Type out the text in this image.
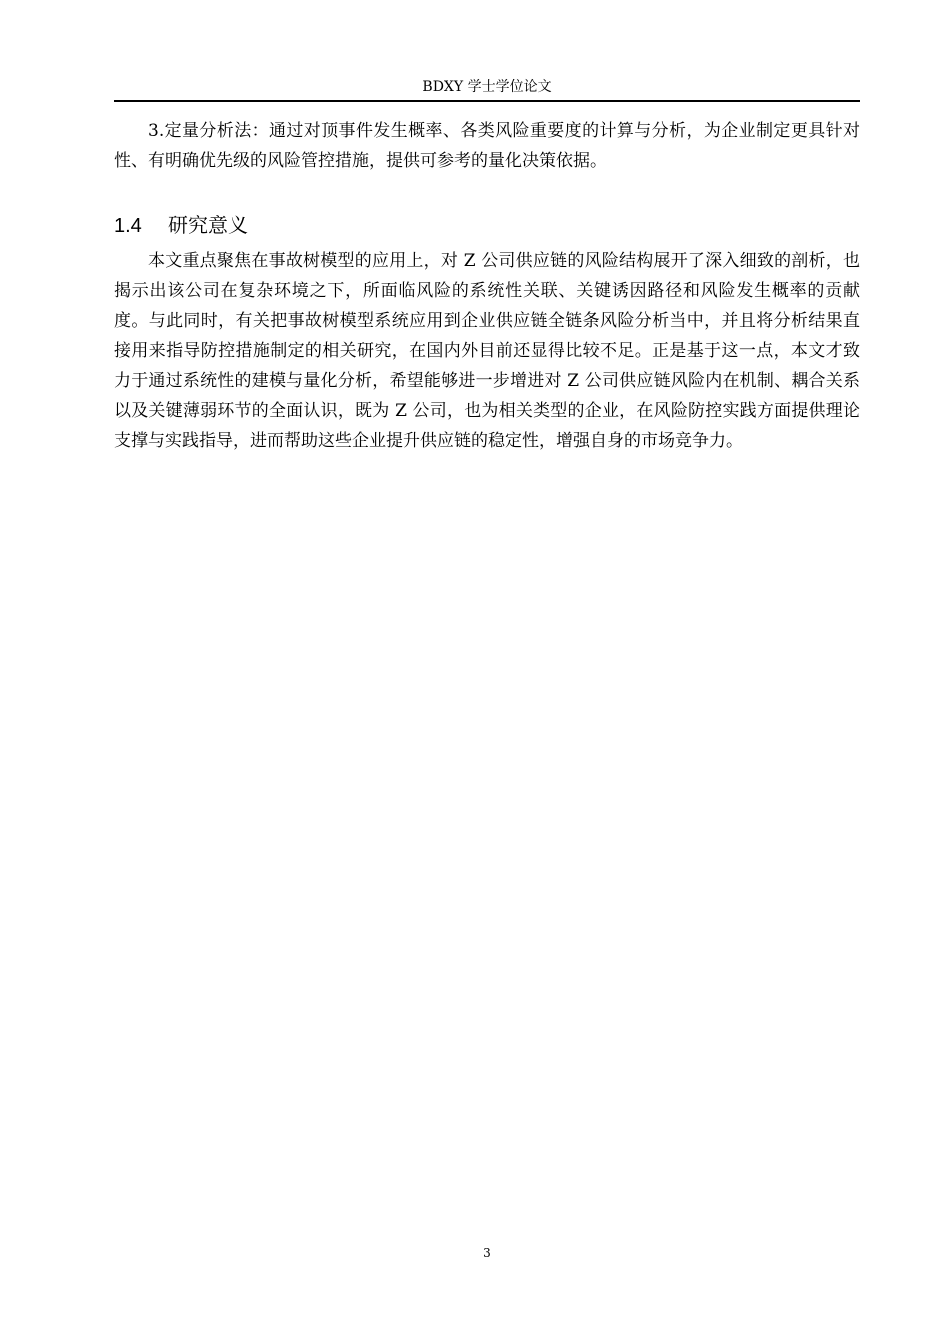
BDXY 学士学位论文

3.定量分析法：通过对顶事件发生概率、各类风险重要度的计算与分析，为企业制定更具针对性、有明确优先级的风险管控措施，提供可参考的量化决策依据。

1.4 研究意义

本文重点聚焦在事故树模型的应用上，对 Z 公司供应链的风险结构展开了深入细致的剖析，也揭示出该公司在复杂环境之下，所面临风险的系统性关联、关键诱因路径和风险发生概率的贡献度。与此同时，有关把事故树模型系统应用到企业供应链全链条风险分析当中，并且将分析结果直接用来指导防控措施制定的相关研究，在国内外目前还显得比较不足。正是基于这一点，本文才致力于通过系统性的建模与量化分析，希望能够进一步增进对 Z 公司供应链风险内在机制、耦合关系以及关键薄弱环节的全面认识，既为 Z 公司，也为相关类型的企业，在风险防控实践方面提供理论支撑与实践指导，进而帮助这些企业提升供应链的稳定性，增强自身的市场竞争力。

3
